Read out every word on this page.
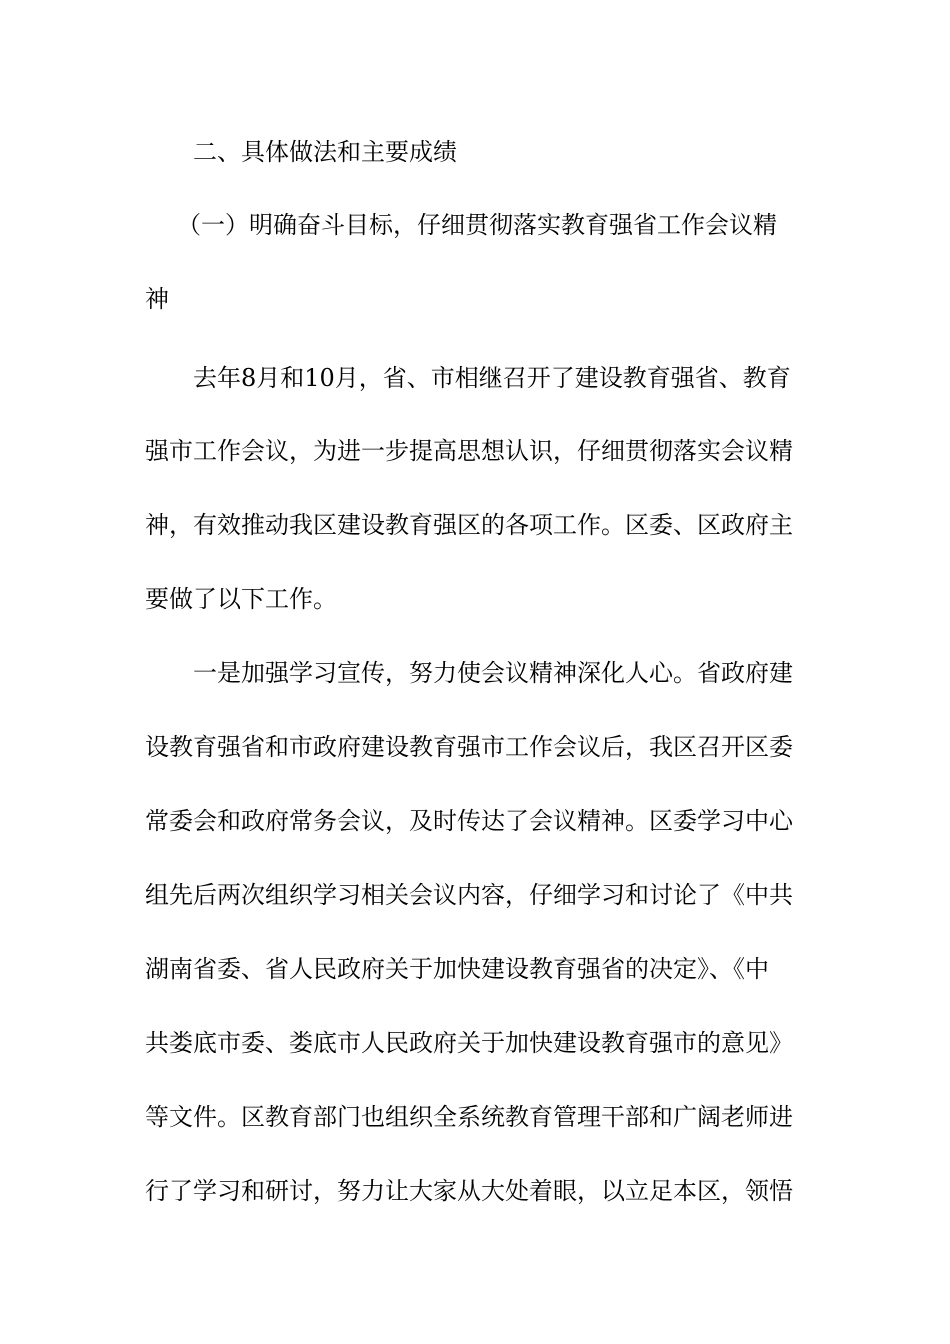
二、具体做法和主要成绩
（一）明确奋斗目标，仔细贯彻落实教育强省工作会议精
神
去年8月和10月，省、市相继召开了建设教育强省、教育
强市工作会议，为进一步提高思想认识，仔细贯彻落实会议精
神，有效推动我区建设教育强区的各项工作。区委、区政府主
要做了以下工作。
一是加强学习宣传，努力使会议精神深化人心。省政府建
设教育强省和市政府建设教育强市工作会议后，我区召开区委
常委会和政府常务会议，及时传达了会议精神。区委学习中心
组先后两次组织学习相关会议内容，仔细学习和讨论了《中共
湖南省委、省人民政府关于加快建设教育强省的决定》、《中
共娄底市委、娄底市人民政府关于加快建设教育强市的意见》
等文件。区教育部门也组织全系统教育管理干部和广阔老师进
行了学习和研讨，努力让大家从大处着眼，以立足本区，领悟
